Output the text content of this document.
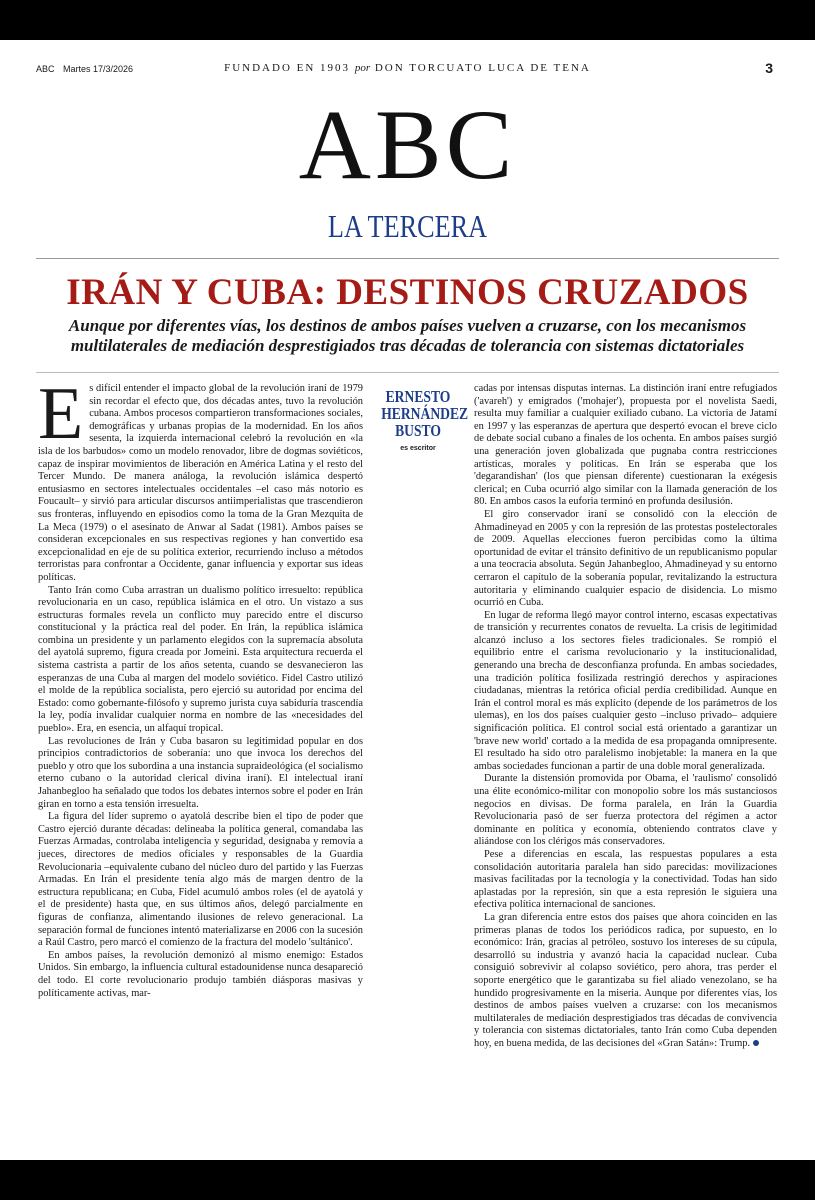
ABC Martes 17/3/2026	FUNDADO EN 1903 por DON TORCUATO LUCA DE TENA	3
ABC
LA TERCERA
IRÁN Y CUBA: DESTINOS CRUZADOS
Aunque por diferentes vías, los destinos de ambos países vuelven a cruzarse, con los mecanismos multilaterales de mediación desprestigiados tras décadas de tolerancia con sistemas dictatoriales

Es difícil entender el impacto global de la revolución iraní de 1979 sin recordar el efecto que, dos décadas antes, tuvo la revolución cubana. Ambos procesos compartieron transformaciones sociales, demográficas y urbanas propias de la modernidad. En los años sesenta, la izquierda internacional celebró la revolución en «la isla de los barbudos» como un modelo renovador, libre de dogmas soviéticos, capaz de inspirar movimientos de liberación en América Latina y el resto del Tercer Mundo. De manera análoga, la revolución islámica despertó entusiasmo en sectores intelectuales occidentales –el caso más notorio es Foucault– y sirvió para articular discursos antiimperialistas que trascendieron sus fronteras, influyendo en episodios como la toma de la Gran Mezquita de La Meca (1979) o el asesinato de Anwar al Sadat (1981). Ambos países se consideran excepcionales en sus respectivas regiones y han convertido esa excepcionalidad en eje de su política exterior, recurriendo incluso a métodos terroristas para confrontar a Occidente, ganar influencia y exportar sus ideas políticas.

Tanto Irán como Cuba arrastran un dualismo político irresuelto: república revolucionaria en un caso, república islámica en el otro. Un vistazo a sus estructuras formales revela un conflicto muy parecido entre el discurso constitucional y la práctica real del poder. En Irán, la república islámica combina un presidente y un parlamento elegidos con la supremacía absoluta del ayatolá supremo, figura creada por Jomeini. Esta arquitectura recuerda el sistema castrista a partir de los años setenta, cuando se desvanecieron las esperanzas de una Cuba al margen del modelo soviético. Fidel Castro utilizó el molde de la república socialista, pero ejerció su autoridad por encima del Estado: como gobernante-filósofo y supremo jurista cuya sabiduría trascendía la ley, podía invalidar cualquier norma en nombre de las «necesidades del pueblo». Era, en esencia, un alfaquí tropical.

Las revoluciones de Irán y Cuba basaron su legitimidad popular en dos principios contradictorios de soberanía: uno que invoca los derechos del pueblo y otro que los subordina a una instancia supraideológica (el socialismo eterno cubano o la autoridad clerical divina iraní). El intelectual iraní Jahanbegloo ha señalado que todos los debates internos sobre el poder en Irán giran en torno a esta tensión irresuelta.

La figura del líder supremo o ayatolá describe bien el tipo de poder que Castro ejerció durante décadas: delineaba la política general, comandaba las Fuerzas Armadas, controlaba inteligencia y seguridad, designaba y removía a jueces, directores de medios oficiales y responsables de la Guardia Revolucionaria –equivalente cubano del núcleo duro del partido y las Fuerzas Armadas. En Irán el presidente tenía algo más de margen dentro de la estructura republicana; en Cuba, Fidel acumuló ambos roles (el de ayatolá y el de presidente) hasta que, en sus últimos años, delegó parcialmente en figuras de confianza, alimentando ilusiones de relevo generacional. La separación formal de funciones intentó materializarse en 2006 con la sucesión a Raúl Castro, pero marcó el comienzo de la fractura del modelo 'sultánico'.

En ambos países, la revolución demonizó al mismo enemigo: Estados Unidos. Sin embargo, la influencia cultural estadounidense nunca desapareció del todo. El corte revolucionario produjo también diásporas masivas y políticamente activas, mar-

ERNESTO HERNÁNDEZ BUSTO
es escritor

cadas por intensas disputas internas. La distinción iraní entre refugiados ('avareh') y emigrados ('mohajer'), propuesta por el novelista Saedi, resulta muy familiar a cualquier exiliado cubano. La victoria de Jatamí en 1997 y las esperanzas de apertura que despertó evocan el breve ciclo de debate social cubano a finales de los ochenta. En ambos países surgió una generación joven globalizada que pugnaba contra restricciones artísticas, morales y políticas. En Irán se esperaba que los 'degarandishan' (los que piensan diferente) cuestionaran la exégesis clerical; en Cuba ocurrió algo similar con la llamada generación de los 80. En ambos casos la euforia terminó en profunda desilusión.

El giro conservador iraní se consolidó con la elección de Ahmadineyad en 2005 y con la represión de las protestas postelectorales de 2009. Aquellas elecciones fueron percibidas como la última oportunidad de evitar el tránsito definitivo de un republicanismo popular a una teocracia absoluta. Según Jahanbegloo, Ahmadineyad y su entorno cerraron el capítulo de la soberanía popular, revitalizando la estructura autoritaria y eliminando cualquier espacio de disidencia. Lo mismo ocurrió en Cuba.

En lugar de reforma llegó mayor control interno, escasas expectativas de transición y recurrentes conatos de revuelta. La crisis de legitimidad alcanzó incluso a los sectores fieles tradicionales. Se rompió el equilibrio entre el carisma revolucionario y la institucionalidad, generando una brecha de desconfianza profunda. En ambas sociedades, una tradición política fosilizada restringió derechos y aspiraciones ciudadanas, mientras la retórica oficial perdía credibilidad. Aunque en Irán el control moral es más explícito (depende de los parámetros de los ulemas), en los dos países cualquier gesto –incluso privado– adquiere significación política. El control social está orientado a garantizar un 'brave new world' cortado a la medida de esa propaganda omnipresente. El resultado ha sido otro paralelismo inobjetable: la manera en la que ambas sociedades funcionan a partir de una doble moral generalizada.

Durante la distensión promovida por Obama, el 'raulismo' consolidó una élite económico-militar con monopolio sobre los más sustanciosos negocios en divisas. De forma paralela, en Irán la Guardia Revolucionaria pasó de ser fuerza protectora del régimen a actor dominante en política y economía, obteniendo contratos clave y aliándose con los clérigos más conservadores.

Pese a diferencias en escala, las respuestas populares a esta consolidación autoritaria paralela han sido parecidas: movilizaciones masivas facilitadas por la tecnología y la conectividad. Todas han sido aplastadas por la represión, sin que a esta represión le siguiera una efectiva política internacional de sanciones.

La gran diferencia entre estos dos países que ahora coinciden en las primeras planas de todos los periódicos radica, por supuesto, en lo económico: Irán, gracias al petróleo, sostuvo los intereses de su cúpula, desarrolló su industria y avanzó hacia la capacidad nuclear. Cuba consiguió sobrevivir al colapso soviético, pero ahora, tras perder el soporte energético que le garantizaba su fiel aliado venezolano, se ha hundido progresivamente en la miseria. Aunque por diferentes vías, los destinos de ambos países vuelven a cruzarse: con los mecanismos multilaterales de mediación desprestigiados tras décadas de convivencia y tolerancia con sistemas dictatoriales, tanto Irán como Cuba dependen hoy, en buena medida, de las decisiones del «Gran Satán»: Trump.
